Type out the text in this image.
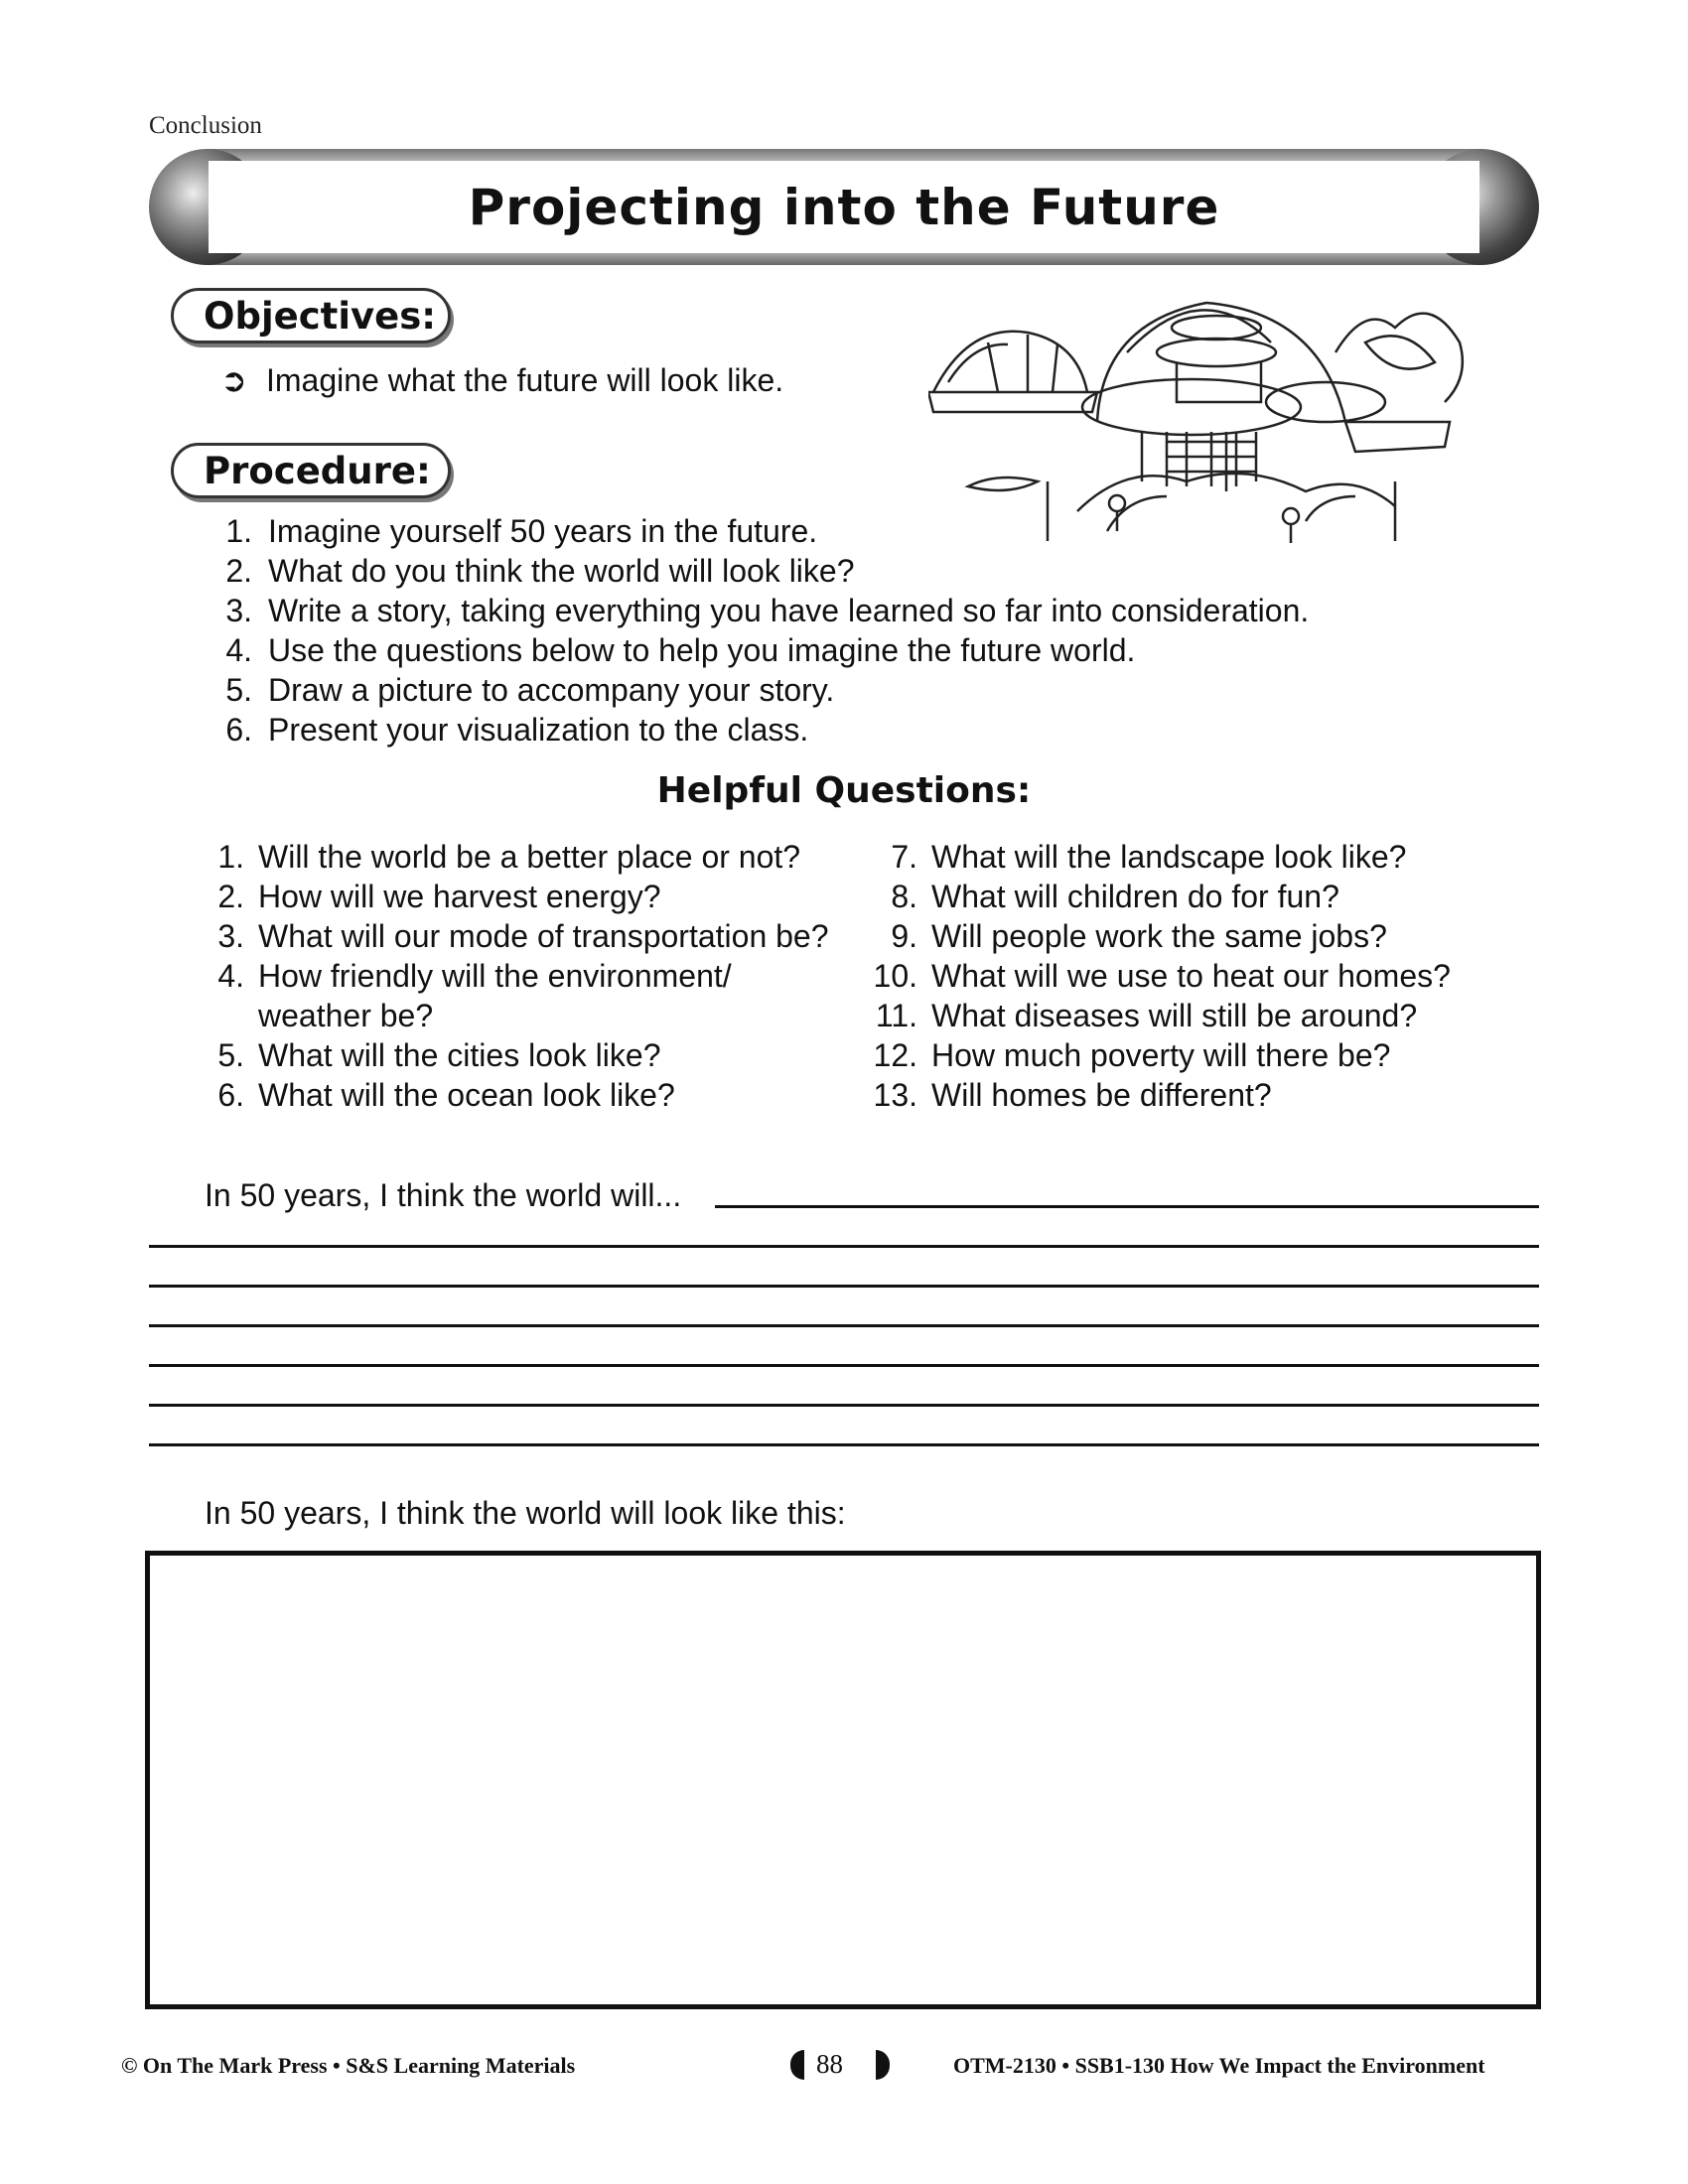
Conclusion
Projecting into the Future
Objectives:
➲ Imagine what the future will look like.
Procedure:
1. Imagine yourself 50 years in the future.
2. What do you think the world will look like?
3. Write a story, taking everything you have learned so far into consideration.
4. Use the questions below to help you imagine the future world.
5. Draw a picture to accompany your story.
6. Present your visualization to the class.
Helpful Questions:
1. Will the world be a better place or not?
2. How will we harvest energy?
3. What will our mode of transportation be?
4. How friendly will the environment/ weather be?
5. What will the cities look like?
6. What will the ocean look like?
7. What will the landscape look like?
8. What will children do for fun?
9. Will people work the same jobs?
10. What will we use to heat our homes?
11. What diseases will still be around?
12. How much poverty will there be?
13. Will homes be different?
In 50 years, I think the world will...
In 50 years, I think the world will look like this:
© On The Mark Press • S&S Learning Materials	88	OTM-2130 • SSB1-130 How We Impact the Environment
